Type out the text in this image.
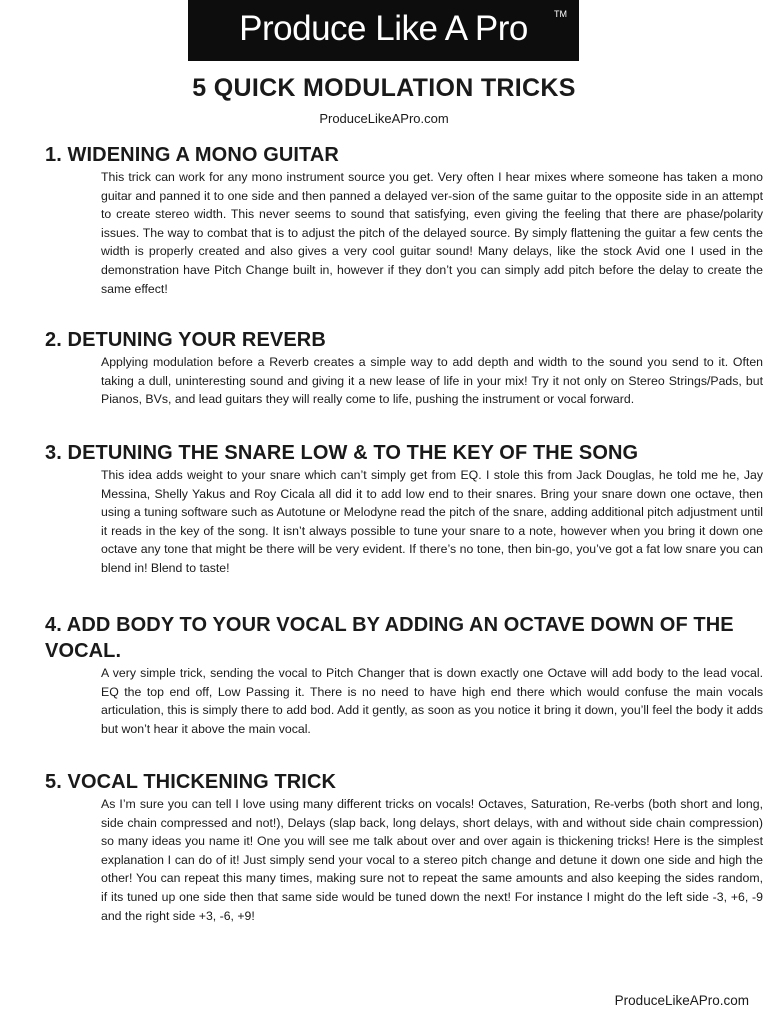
Produce Like A Pro	TM
5 QUICK MODULATION TRICKS
ProduceLikeAPro.com
1. WIDENING A MONO GUITAR

This trick can work for any mono instrument source you get. Very often I hear mixes where someone has taken a mono guitar and panned it to one side and then panned a delayed ver-sion of the same guitar to the opposite side in an attempt to create stereo width. This never seems to sound that satisfying, even giving the feeling that there are phase/polarity issues. The way to combat that is to adjust the pitch of the delayed source. By simply flattening the guitar a few cents the width is properly created and also gives a very cool guitar sound! Many delays, like the stock Avid one I used in the demonstration have Pitch Change built in, however if they don’t you can simply add pitch before the delay to create the same effect!

2. DETUNING YOUR REVERB

Applying modulation before a Reverb creates a simple way to add depth and width to the sound you send to it. Often taking a dull, uninteresting sound and giving it a new lease of life in your mix! Try it not only on Stereo Strings/Pads, but Pianos, BVs, and lead guitars they will really come to life, pushing the instrument or vocal forward.

3. DETUNING THE SNARE LOW & TO THE KEY OF THE SONG

This idea adds weight to your snare which can’t simply get from EQ. I stole this from Jack Douglas, he told me he, Jay Messina, Shelly Yakus and Roy Cicala all did it to add low end to their snares. Bring your snare down one octave, then using a tuning software such as Autotune or Melodyne read the pitch of the snare, adding additional pitch adjustment until it reads in the key of the song. It isn’t always possible to tune your snare to a note, however when you bring it down one octave any tone that might be there will be very evident. If there’s no tone, then bin-go, you’ve got a fat low snare you can blend in! Blend to taste!

4. ADD BODY TO YOUR VOCAL BY ADDING AN OCTAVE DOWN OF THE VOCAL.

A very simple trick, sending the vocal to Pitch Changer that is down exactly one Octave will add body to the lead vocal. EQ the top end off, Low Passing it. There is no need to have high end there which would confuse the main vocals articulation, this is simply there to add bod. Add it gently, as soon as you notice it bring it down, you’ll feel the body it adds but won’t hear it above the main vocal.

5. VOCAL THICKENING TRICK

As I’m sure you can tell I love using many different tricks on vocals! Octaves, Saturation, Re-verbs (both short and long, side chain compressed and not!), Delays (slap back, long delays, short delays, with and without side chain compression) so many ideas you name it! One you will see me talk about over and over again is thickening tricks! Here is the simplest explanation I can do of it! Just simply send your vocal to a stereo pitch change and detune it down one side and high the other! You can repeat this many times, making sure not to repeat the same amounts and also keeping the sides random, if its tuned up one side then that same side would be tuned down the next! For instance I might do the left side -3, +6, -9 and the right side +3, -6, +9!

ProduceLikeAPro.com
